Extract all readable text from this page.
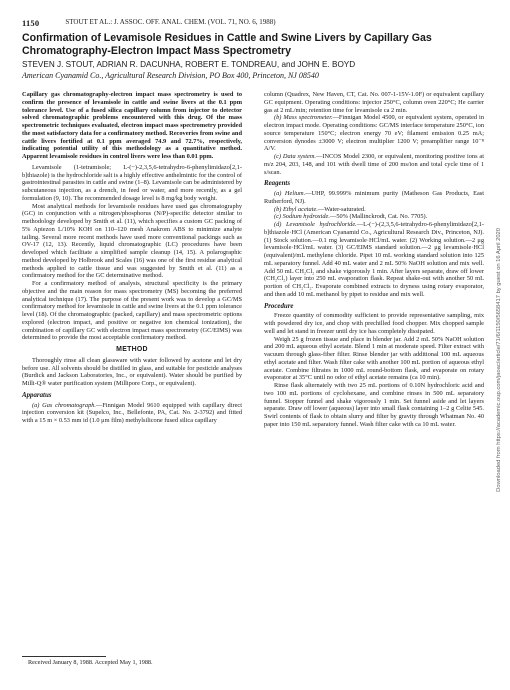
1150	STOUT ET AL.: J. ASSOC. OFF. ANAL. CHEM. (VOL. 71, NO. 6, 1988)
Confirmation of Levamisole Residues in Cattle and Swine Livers by Capillary Gas Chromatography-Electron Impact Mass Spectrometry
STEVEN J. STOUT, ADRIAN R. DACUNHA, ROBERT E. TONDREAU, and JOHN E. BOYD
American Cyanamid Co., Agricultural Research Division, PO Box 400, Princeton, NJ 08540

Capillary gas chromatography-electron impact mass spectrometry is used to confirm the presence of levamisole in cattle and swine livers at the 0.1 ppm tolerance level. Use of a fused silica capillary column from injector to detector solved chromatographic problems encountered with this drug. Of the mass spectrometric techniques evaluated, electron impact mass spectrometry provided the most satisfactory data for a confirmatory method. Recoveries from swine and cattle livers fortified at 0.1 ppm averaged 74.9 and 72.7%, respectively, indicating potential utility of this methodology as a quantitative method. Apparent levamisole residues in control livers were less than 0.01 ppm.

Levamisole (1-tetramisole; L-(−)-2,3,5,6-tetrahydro-6-phenylimidazo[2,1-b]thiazole) is the hydrochloride salt is a highly effective anthelmintic for the control of gastrointestinal parasites in cattle and swine (1–8). Levamisole can be administered by subcutaneous injection, as a drench, in feed or water, and more recently, as a gel formulation (9, 10). The recommended dosage level is 8 mg/kg body weight.

Most analytical methods for levamisole residues have used gas chromatography (GC) in conjunction with a nitrogen/phosphorus (N/P)-specific detector similar to methodology developed by Smith et al. (11), which specifies a custom GC packing of 5% Apiezon L/10% KOH on 110–120 mesh Anakrom ABS to minimize analyte tailing. Several more recent methods have used more conventional packings such as OV-17 (12, 13). Recently, liquid chromatographic (LC) procedures have been developed which facilitate a simplified sample cleanup (14, 15). A polarographic method developed by Holbrook and Scales (16) was one of the first residue analytical methods applied to cattle tissue and was suggested by Smith et al. (11) as a confirmatory method for the GC determinative method.

For a confirmatory method of analysis, structural specificity is the primary objective and the main reason for mass spectrometry (MS) becoming the preferred analytical technique (17). The purpose of the present work was to develop a GC/MS confirmatory method for levamisole in cattle and swine livers at the 0.1 ppm tolerance level (18). Of the chromatographic (packed, capillary) and mass spectrometric options explored (electron impact, and positive or negative ion chemical ionization), the combination of capillary GC with electron impact mass spectrometry (GC/EIMS) was determined to provide the most acceptable confirmatory method.

METHOD

Thoroughly rinse all clean glassware with water followed by acetone and let dry before use. All solvents should be distilled in glass, and suitable for pesticide analyses (Burdick and Jackson Laboratories, Inc., or equivalent). Water should be purified by Milli-Q® water purification system (Millipore Corp., or equivalent).

Apparatus

(a) Gas chromatograph.—Finnigan Model 9610 equipped with capillary direct injection conversion kit (Supelco, Inc., Bellefonte, PA, Cat. No. 2-3792) and fitted with a 15 m × 0.53 mm id (1.0 μm film) methylsilicone fused silica capillary

Received January 8, 1988. Accepted May 1, 1988.

column (Quadrex, New Haven, CT, Cat. No. 007-1-15V-1.0F) or equivalent capillary GC equipment. Operating conditions: injector 250°C, column oven 220°C; He carrier gas at 2 mL/min; retention time for levamisole ca 2 min.

(b) Mass spectrometer.—Finnigan Model 4500, or equivalent system, operated in electron impact mode. Operating conditions: GC/MS interface temperature 250°C, ion source temperature 150°C; electron energy 70 eV; filament emission 0.25 mA; conversion dynodes ±3000 V; electron multiplier 1200 V; preamplifier range 10⁻⁸ A/V.

(c) Data system.—INCOS Model 2300, or equivalent, monitoring positive ions at m/z 204, 203, 148, and 101 with dwell time of 200 ms/ion and total cycle time of 1 s/scan.

Reagents

(a) Helium.—UHP, 99.999% minimum purity (Matheson Gas Products, East Rutherford, NJ).

(b) Ethyl acetate.—Water-saturated.

(c) Sodium hydroxide.—50% (Mallinckrodt, Cat. No. 7705).

(d) Levamisole hydrochloride.—L-(−)-(2,3,5,6-tetrahydro-6-phenylimidazo[2,1-b]thiazole·HCl (American Cyanamid Co., Agricultural Research Div., Princeton, NJ). (1) Stock solution.—0.1 mg levamisole·HCl/mL water. (2) Working solution.—2 μg levamisole·HCl/mL water. (3) GC/EIMS standard solution.—2 μg levamisole·HCl (equivalent)/mL methylene chloride. Pipet 10 mL working standard solution into 125 mL separatory funnel. Add 40 mL water and 2 mL 50% NaOH solution and mix well. Add 50 mL CH₂Cl₂ and shake vigorously 1 min. After layers separate, draw off lower (CH₂Cl₂) layer into 250 mL evaporation flask. Repeat shake-out with another 50 mL portion of CH₂Cl₂. Evaporate combined extracts to dryness using rotary evaporator, and then add 10 mL methanol by pipet to residue and mix well.

Procedure

Freeze quantity of commodity sufficient to provide representative sampling, mix with powdered dry ice, and chop with prechilled food chopper. Mix chopped sample well and let stand in freezer until dry ice has completely dissipated.

Weigh 25 g frozen tissue and place in blender jar. Add 2 mL 50% NaOH solution and 200 mL aqueous ethyl acetate. Blend 1 min at moderate speed. Filter extract with vacuum through glass-fiber filter. Rinse blender jar with additional 100 mL aqueous ethyl acetate and filter. Wash filter cake with another 100 mL portion of aqueous ethyl acetate. Combine filtrates in 1000 mL round-bottom flask, and evaporate on rotary evaporator at 35°C until no odor of ethyl acetate remains (ca 10 min).

Rinse flask alternately with two 25 mL portions of 0.10N hydrochloric acid and two 100 mL portions of cyclohexane, and combine rinses in 500 mL separatory funnel. Stopper funnel and shake vigorously 1 min. Set funnel aside and let layers separate. Draw off lower (aqueous) layer into small flask containing 1–2 g Celite 545. Swirl contents of flask to obtain slurry and filter by gravity through Whatman No. 40 paper into 150 mL separatory funnel. Wash filter cake with ca 10 mL water.	Downloaded from https://academic.oup.com/jaoac/article/71/6/1150/5658417 by guest on 16 April 2020
